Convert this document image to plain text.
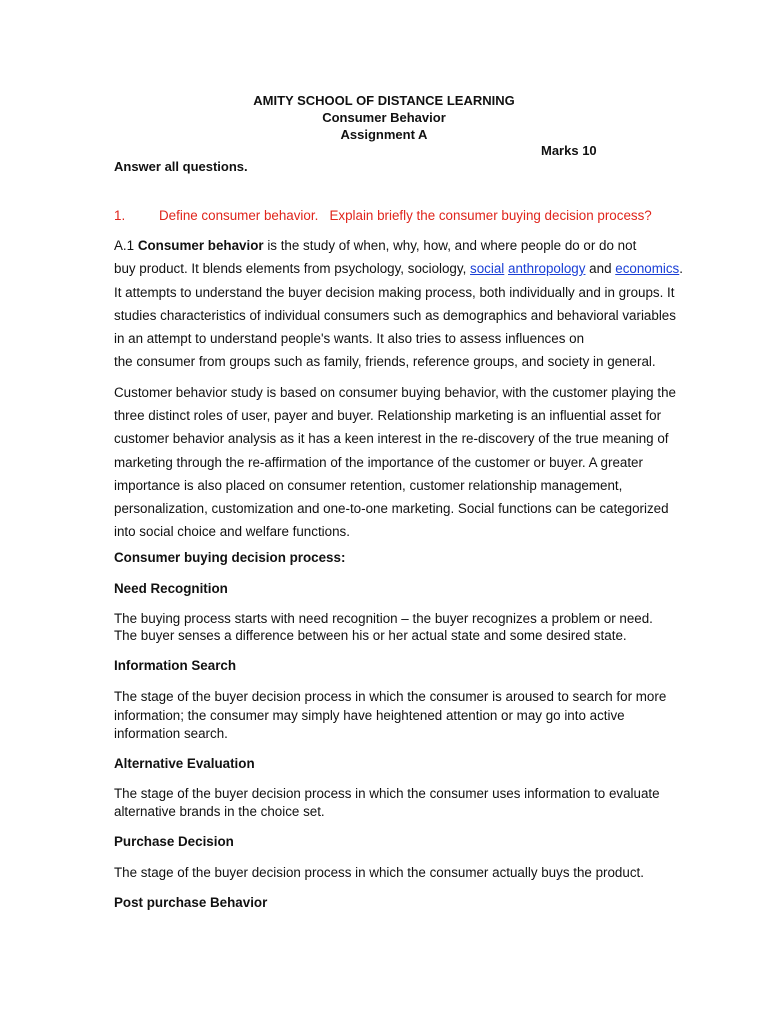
AMITY SCHOOL OF DISTANCE LEARNING
Consumer Behavior
Assignment A
Marks 10
Answer all questions.
1.	Define consumer behavior.   Explain briefly the consumer buying decision process?
A.1 Consumer behavior is the study of when, why, how, and where people do or do not
buy product. It blends elements from psychology, sociology, social anthropology and economics.
It attempts to understand the buyer decision making process, both individually and in groups. It
studies characteristics of individual consumers such as demographics and behavioral variables
in an attempt to understand people's wants. It also tries to assess influences on
the consumer from groups such as family, friends, reference groups, and society in general.
Customer behavior study is based on consumer buying behavior, with the customer playing the
three distinct roles of user, payer and buyer. Relationship marketing is an influential asset for
customer behavior analysis as it has a keen interest in the re-discovery of the true meaning of
marketing through the re-affirmation of the importance of the customer or buyer. A greater
importance is also placed on consumer retention, customer relationship management,
personalization, customization and one-to-one marketing. Social functions can be categorized
into social choice and welfare functions.
Consumer buying decision process:
Need Recognition
The buying process starts with need recognition – the buyer recognizes a problem or need.
The buyer senses a difference between his or her actual state and some desired state.
Information Search
The stage of the buyer decision process in which the consumer is aroused to search for more
information; the consumer may simply have heightened attention or may go into active
information search.
Alternative Evaluation
The stage of the buyer decision process in which the consumer uses information to evaluate
alternative brands in the choice set.
Purchase Decision
The stage of the buyer decision process in which the consumer actually buys the product.
Post purchase Behavior
